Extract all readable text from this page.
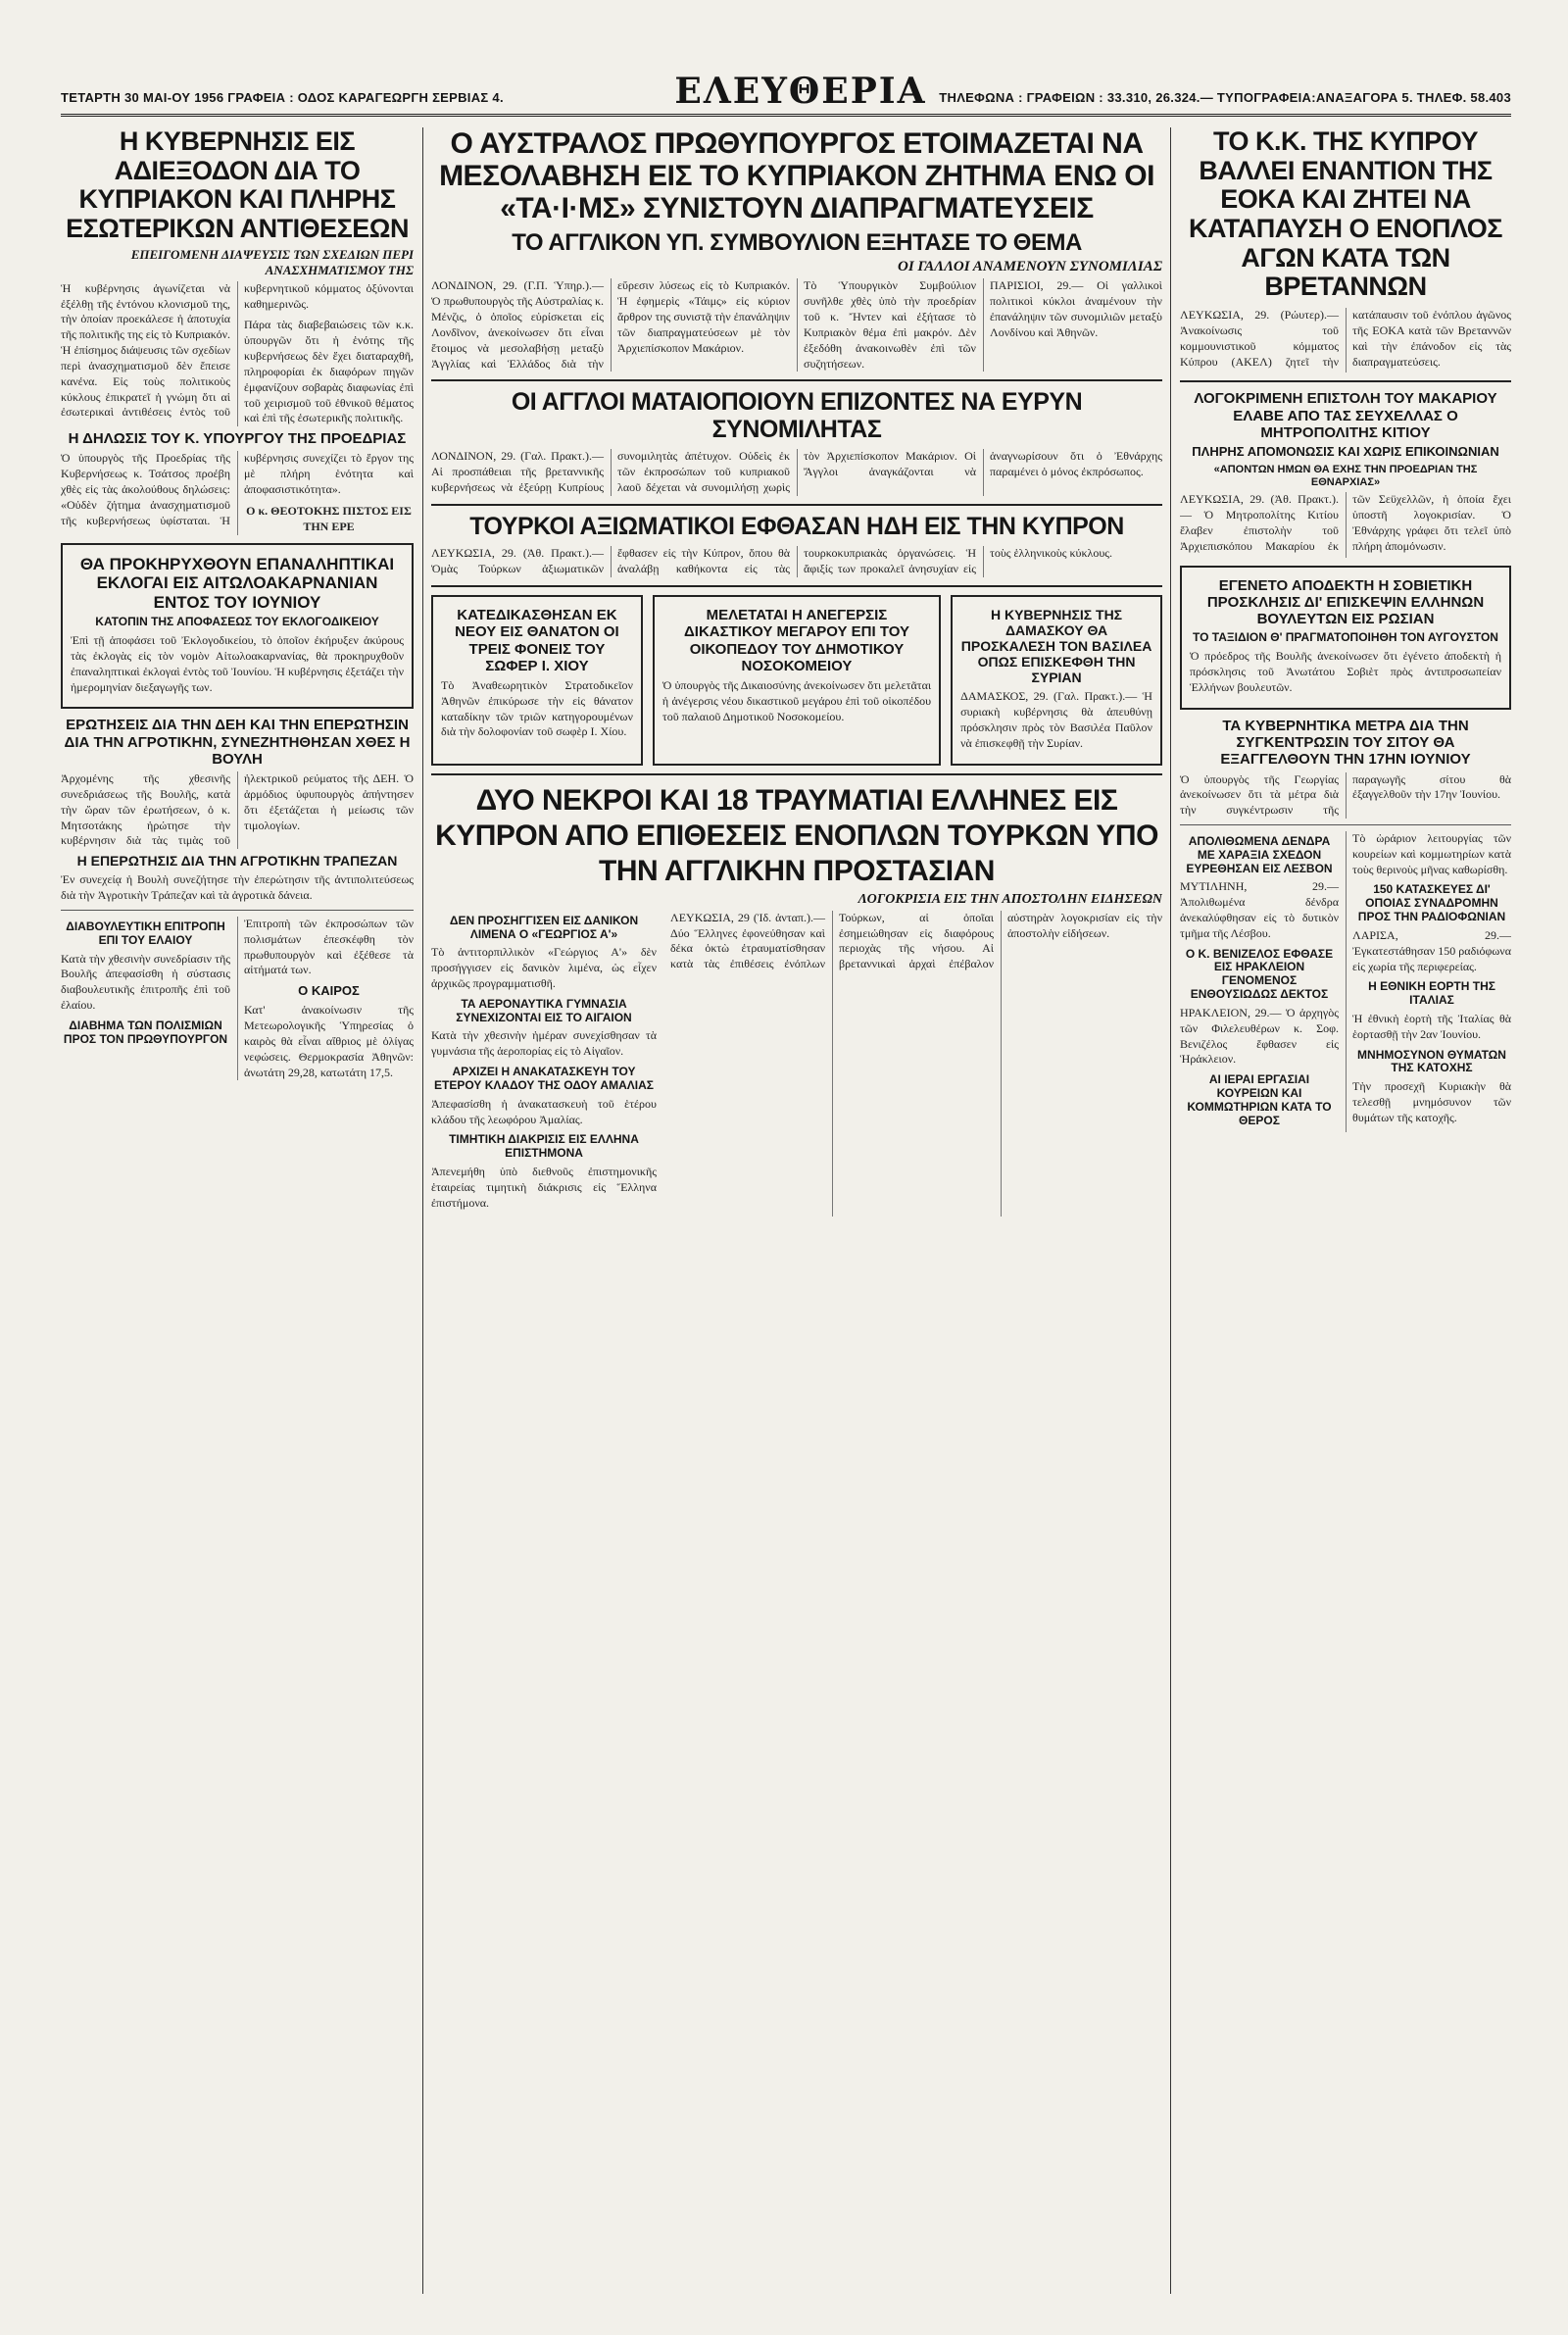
ΤΕΤΑΡΤΗ 30 ΜΑΙ-ΟΥ 1956 ΓΡΑΦΕΙΑ : ΟΔΟΣ ΚΑΡΑΓΕΩΡΓΗ ΣΕΡΒΙΑΣ 4.	ΕΛΕΥΘΕΡΙΑ ΤΗΛΕΦΩΝΑ : ΓΡΑΦΕΙΩΝ : 33.310, 26.324.— ΤΥΠΟΓΡΑΦΕΙΑ:ΑΝΑΞΑΓΟΡΑ 5. ΤΗΛΕΦ. 58.403
Η ΚΥΒΕΡΝΗΣΙΣ ΕΙΣ ΑΔΙΕΞΟΔΟΝ ΔΙΑ ΤΟ ΚΥΠΡΙΑΚΟΝ ΚΑΙ ΠΛΗΡΗΣ ΕΣΩΤΕΡΙΚΩΝ ΑΝΤΙΘΕΣΕΩΝ
ΕΠΕΙΓΟΜΕΝΗ ΔΙΑΨΕΥΣΙΣ ΤΩΝ ΣΧΕΔΙΩΝ ΠΕΡΙ ΑΝΑΣΧΗΜΑΤΙΣΜΟΥ ΤΗΣ

Ἡ κυβέρνησις ἀγωνίζεται νὰ ἐξέλθῃ τῆς ἐντόνου κλονισμοῦ της, τὴν ὁποίαν προεκάλεσε ἡ ἀποτυχία τῆς πολιτικῆς της εἰς τὸ Κυπριακόν. Ἡ ἐπίσημος διάψευσις τῶν σχεδίων περὶ ἀνασχηματισμοῦ δὲν ἔπεισε κανένα. Εἰς τοὺς πολιτικοὺς κύκλους ἐπικρατεῖ ἡ γνώμη ὅτι αἱ ἐσωτερικαὶ ἀντιθέσεις ἐντὸς τοῦ κυβερνητικοῦ κόμματος ὀξύνονται καθημερινῶς.

Πάρα τὰς διαβεβαιώσεις τῶν κ.κ. ὑπουργῶν ὅτι ἡ ἑνότης τῆς κυβερνήσεως δὲν ἔχει διαταραχθῆ, πληροφορίαι ἐκ διαφόρων πηγῶν ἐμφανίζουν σοβαρὰς διαφωνίας ἐπὶ τοῦ χειρισμοῦ τοῦ ἐθνικοῦ θέματος καὶ ἐπὶ τῆς ἐσωτερικῆς πολιτικῆς.

Η ΔΗΛΩΣΙΣ ΤΟΥ Κ. ΥΠΟΥΡΓΟΥ ΤΗΣ ΠΡΟΕΔΡΙΑΣ

Ὁ ὑπουργὸς τῆς Προεδρίας τῆς Κυβερνήσεως κ. Τσάτσος προέβη χθὲς εἰς τὰς ἀκολούθους δηλώσεις: «Οὐδὲν ζήτημα ἀνασχηματισμοῦ τῆς κυβερνήσεως ὑφίσταται. Ἡ κυβέρνησις συνεχίζει τὸ ἔργον της μὲ πλήρη ἑνότητα καὶ ἀποφασιστικότητα».

Ο κ. ΘΕΟΤΟΚΗΣ ΠΙΣΤΟΣ ΕΙΣ ΤΗΝ ΕΡΕ

ΘΑ ΠΡΟΚΗΡΥΧΘΟΥΝ ΕΠΑΝΑΛΗΠΤΙΚΑΙ ΕΚΛΟΓΑΙ ΕΙΣ ΑΙΤΩΛΟΑΚΑΡΝΑΝΙΑΝ ΕΝΤΟΣ ΤΟΥ ΙΟΥΝΙΟΥ
ΚΑΤΟΠΙΝ ΤΗΣ ΑΠΟΦΑΣΕΩΣ ΤΟΥ ΕΚΛΟΓΟΔΙΚΕΙΟΥ

Ἐπὶ τῇ ἀποφάσει τοῦ Ἐκλογοδικείου, τὸ ὁποῖον ἐκήρυξεν ἀκύρους τὰς ἐκλογὰς εἰς τὸν νομὸν Αἰτωλοακαρνανίας, θὰ προκηρυχθοῦν ἐπαναληπτικαὶ ἐκλογαὶ ἐντὸς τοῦ Ἰουνίου. Ἡ κυβέρνησις ἐξετάζει τὴν ἡμερομηνίαν διεξαγωγῆς των.

ΕΡΩΤΗΣΕΙΣ ΔΙΑ ΤΗΝ ΔΕΗ ΚΑΙ ΤΗΝ ΕΠΕΡΩΤΗΣΙΝ ΔΙΑ ΤΗΝ ΑΓΡΟΤΙΚΗΝ, ΣΥΝΕΖΗΤΗΘΗΣΑΝ ΧΘΕΣ Η ΒΟΥΛΗ

Ἀρχομένης τῆς χθεσινῆς συνεδριάσεως τῆς Βουλῆς, κατὰ τὴν ὥραν τῶν ἐρωτήσεων, ὁ κ. Μητσοτάκης ἠρώτησε τὴν κυβέρνησιν διὰ τὰς τιμὰς τοῦ ἠλεκτρικοῦ ρεύματος τῆς ΔΕΗ. Ὁ ἁρμόδιος ὑφυπουργὸς ἀπήντησεν ὅτι ἐξετάζεται ἡ μείωσις τῶν τιμολογίων.

Η ΕΠΕΡΩΤΗΣΙΣ ΔΙΑ ΤΗΝ ΑΓΡΟΤΙΚΗΝ ΤΡΑΠΕΖΑΝ

Ἐν συνεχείᾳ ἡ Βουλὴ συνεζήτησε τὴν ἐπερώτησιν τῆς ἀντιπολιτεύσεως διὰ τὴν Ἀγροτικὴν Τράπεζαν καὶ τὰ ἀγροτικὰ δάνεια.

ΔΙΑΒΟΥΛΕΥΤΙΚΗ ΕΠΙΤΡΟΠΗ ΕΠΙ ΤΟΥ ΕΛΑΙΟΥ

Κατὰ τὴν χθεσινὴν συνεδρίασιν τῆς Βουλῆς ἀπεφασίσθη ἡ σύστασις διαβουλευτικῆς ἐπιτροπῆς ἐπὶ τοῦ ἐλαίου.

ΔΙΑΒΗΜΑ ΤΩΝ ΠΟΛΙΣΜΙΩΝ ΠΡΟΣ ΤΟΝ ΠΡΩΘΥΠΟΥΡΓΟΝ

Ἐπιτροπὴ τῶν ἐκπροσώπων τῶν πολισμάτων ἐπεσκέφθη τὸν πρωθυπουργὸν καὶ ἐξέθεσε τὰ αἰτήματά των.

Ο ΚΑΙΡΟΣ

Κατ' ἀνακοίνωσιν τῆς Μετεωρολογικῆς Ὑπηρεσίας ὁ καιρὸς θὰ εἶναι αἴθριος μὲ ὀλίγας νεφώσεις. Θερμοκρασία Ἀθηνῶν: ἀνωτάτη 29,28, κατωτάτη 17,5.

Ο ΑΥΣΤΡΑΛΟΣ ΠΡΩΘΥΠΟΥΡΓΟΣ ΕΤΟΙΜΑΖΕΤΑΙ ΝΑ ΜΕΣΟΛΑΒΗΣΗ ΕΙΣ ΤΟ ΚΥΠΡΙΑΚΟΝ ΖΗΤΗΜΑ ΕΝΩ ΟΙ «ΤΑ·Ι·ΜΣ» ΣΥΝΙΣΤΟΥΝ ΔΙΑΠΡΑΓΜΑΤΕΥΣΕΙΣ
ΤΟ ΑΓΓΛΙΚΟΝ ΥΠ. ΣΥΜΒΟΥΛΙΟΝ ΕΞΗΤΑΣΕ ΤΟ ΘΕΜΑ
ΟΙ ΓΑΛΛΟΙ ΑΝΑΜΕΝΟΥΝ ΣΥΝΟΜΙΛΙΑΣ

ΛΟΝΔΙΝΟΝ, 29. (Γ.Π. Ὑπηρ.).— Ὁ πρωθυπουργὸς τῆς Αὐστραλίας κ. Μένζις, ὁ ὁποῖος εὑρίσκεται εἰς Λονδῖνον, ἀνεκοίνωσεν ὅτι εἶναι ἕτοιμος νὰ μεσολαβήσῃ μεταξὺ Ἀγγλίας καὶ Ἑλλάδος διὰ τὴν εὕρεσιν λύσεως εἰς τὸ Κυπριακόν. Ἡ ἐφημερὶς «Τάιμς» εἰς κύριον ἄρθρον της συνιστᾷ τὴν ἐπανάληψιν τῶν διαπραγματεύσεων μὲ τὸν Ἀρχιεπίσκοπον Μακάριον.

Τὸ Ὑπουργικὸν Συμβούλιον συνῆλθε χθὲς ὑπὸ τὴν προεδρίαν τοῦ κ. Ἤντεν καὶ ἐξήτασε τὸ Κυπριακὸν θέμα ἐπὶ μακρόν. Δὲν ἐξεδόθη ἀνακοινωθὲν ἐπὶ τῶν συζητήσεων.

ΠΑΡΙΣΙΟΙ, 29.— Οἱ γαλλικοὶ πολιτικοὶ κύκλοι ἀναμένουν τὴν ἐπανάληψιν τῶν συνομιλιῶν μεταξὺ Λονδίνου καὶ Ἀθηνῶν.

ΟΙ ΑΓΓΛΟΙ ΜΑΤΑΙΟΠΟΙΟΥΝ ΕΠΙΖΟΝΤΕΣ ΝΑ ΕΥΡΥΝ ΣΥΝΟΜΙΛΗΤΑΣ

ΛΟΝΔΙΝΟΝ, 29. (Γαλ. Πρακτ.).— Αἱ προσπάθειαι τῆς βρεταννικῆς κυβερνήσεως νὰ ἐξεύρῃ Κυπρίους συνομιλητὰς ἀπέτυχον. Οὐδεὶς ἐκ τῶν ἐκπροσώπων τοῦ κυπριακοῦ λαοῦ δέχεται νὰ συνομιλήσῃ χωρὶς τὸν Ἀρχιεπίσκοπον Μακάριον. Οἱ Ἄγγλοι ἀναγκάζονται νὰ ἀναγνωρίσουν ὅτι ὁ Ἐθνάρχης παραμένει ὁ μόνος ἐκπρόσωπος.

ΤΟΥΡΚΟΙ ΑΞΙΩΜΑΤΙΚΟΙ ΕΦΘΑΣΑΝ ΗΔΗ ΕΙΣ ΤΗΝ ΚΥΠΡΟΝ

ΛΕΥΚΩΣΙΑ, 29. (Ἀθ. Πρακτ.).— Ὁμὰς Τούρκων ἀξιωματικῶν ἔφθασεν εἰς τὴν Κύπρον, ὅπου θὰ ἀναλάβῃ καθήκοντα εἰς τὰς τουρκοκυπριακὰς ὀργανώσεις. Ἡ ἄφιξίς των προκαλεῖ ἀνησυχίαν εἰς τοὺς ἑλληνικοὺς κύκλους.

ΚΑΤΕΔΙΚΑΣΘΗΣΑΝ ΕΚ ΝΕΟΥ ΕΙΣ ΘΑΝΑΤΟΝ ΟΙ ΤΡΕΙΣ ΦΟΝΕΙΣ ΤΟΥ ΣΩΦΕΡ Ι. ΧΙΟΥ

Τὸ Ἀναθεωρητικὸν Στρατοδικεῖον Ἀθηνῶν ἐπικύρωσε τὴν εἰς θάνατον καταδίκην τῶν τριῶν κατηγορουμένων διὰ τὴν δολοφονίαν τοῦ σωφὲρ Ι. Χίου.

ΜΕΛΕΤΑΤΑΙ Η ΑΝΕΓΕΡΣΙΣ ΔΙΚΑΣΤΙΚΟΥ ΜΕΓΑΡΟΥ ΕΠΙ ΤΟΥ ΟΙΚΟΠΕΔΟΥ ΤΟΥ ΔΗΜΟΤΙΚΟΥ ΝΟΣΟΚΟΜΕΙΟΥ

Ὁ ὑπουργὸς τῆς Δικαιοσύνης ἀνεκοίνωσεν ὅτι μελετᾶται ἡ ἀνέγερσις νέου δικαστικοῦ μεγάρου ἐπὶ τοῦ οἰκοπέδου τοῦ παλαιοῦ Δημοτικοῦ Νοσοκομείου.

Η ΚΥΒΕΡΝΗΣΙΣ ΤΗΣ ΔΑΜΑΣΚΟΥ ΘΑ ΠΡΟΣΚΑΛΕΣΗ ΤΟΝ ΒΑΣΙΛΕΑ ΟΠΩΣ ΕΠΙΣΚΕΦΘΗ ΤΗΝ ΣΥΡΙΑΝ

ΔΑΜΑΣΚΟΣ, 29. (Γαλ. Πρακτ.).— Ἡ συριακὴ κυβέρνησις θὰ ἀπευθύνῃ πρόσκλησιν πρὸς τὸν Βασιλέα Παῦλον νὰ ἐπισκεφθῇ τὴν Συρίαν.

ΔΥΟ ΝΕΚΡΟΙ ΚΑΙ 18 ΤΡΑΥΜΑΤΙΑΙ ΕΛΛΗΝΕΣ ΕΙΣ ΚΥΠΡΟΝ ΑΠΟ ΕΠΙΘΕΣΕΙΣ ΕΝΟΠΛΩΝ ΤΟΥΡΚΩΝ ΥΠΟ ΤΗΝ ΑΓΓΛΙΚΗΝ ΠΡΟΣΤΑΣΙΑΝ
ΛΟΓΟΚΡΙΣΙΑ ΕΙΣ ΤΗΝ ΑΠΟΣΤΟΛΗΝ ΕΙΔΗΣΕΩΝ
ΔΕΝ ΠΡΟΣΗΓΓΙΣΕΝ ΕΙΣ ΔΑΝΙΚΟΝ ΛΙΜΕΝΑ Ο «ΓΕΩΡΓΙΟΣ Α'»

Τὸ ἀντιτορπιλλικὸν «Γεώργιος Α'» δὲν προσήγγισεν εἰς δανικὸν λιμένα, ὡς εἶχεν ἀρχικῶς προγραμματισθῆ.

ΤΑ ΑΕΡΟΝΑΥΤΙΚΑ ΓΥΜΝΑΣΙΑ ΣΥΝΕΧΙΖΟΝΤΑΙ ΕΙΣ ΤΟ ΑΙΓΑΙΟΝ

Κατὰ τὴν χθεσινὴν ἡμέραν συνεχίσθησαν τὰ γυμνάσια τῆς ἀεροπορίας εἰς τὸ Αἰγαῖον.

ΑΡΧΙΖΕΙ Η ΑΝΑΚΑΤΑΣΚΕΥΗ ΤΟΥ ΕΤΕΡΟΥ ΚΛΑΔΟΥ ΤΗΣ ΟΔΟΥ ΑΜΑΛΙΑΣ

Ἀπεφασίσθη ἡ ἀνακατασκευὴ τοῦ ἑτέρου κλάδου τῆς λεωφόρου Ἀμαλίας.

ΤΙΜΗΤΙΚΗ ΔΙΑΚΡΙΣΙΣ ΕΙΣ ΕΛΛΗΝΑ ΕΠΙΣΤΗΜΟΝΑ

Ἀπενεμήθη ὑπὸ διεθνοῦς ἐπιστημονικῆς ἑταιρείας τιμητικὴ διάκρισις εἰς Ἕλληνα ἐπιστήμονα.

ΛΕΥΚΩΣΙΑ, 29 (Ἰδ. ἀνταπ.).— Δύο Ἕλληνες ἐφονεύθησαν καὶ δέκα ὀκτὼ ἐτραυματίσθησαν κατὰ τὰς ἐπιθέσεις ἐνόπλων Τούρκων, αἱ ὁποῖαι ἐσημειώθησαν εἰς διαφόρους περιοχὰς τῆς νήσου. Αἱ βρεταννικαὶ ἀρχαὶ ἐπέβαλον αὐστηρὰν λογοκρισίαν εἰς τὴν ἀποστολὴν εἰδήσεων.

ΤΟ Κ.Κ. ΤΗΣ ΚΥΠΡΟΥ ΒΑΛΛΕΙ ΕΝΑΝΤΙΟΝ ΤΗΣ ΕΟΚΑ ΚΑΙ ΖΗΤΕΙ ΝΑ ΚΑΤΑΠΑΥΣΗ Ο ΕΝΟΠΛΟΣ ΑΓΩΝ ΚΑΤΑ ΤΩΝ ΒΡΕΤΑΝΝΩΝ

ΛΕΥΚΩΣΙΑ, 29. (Ρώυτερ).— Ἀνακοίνωσις τοῦ κομμουνιστικοῦ κόμματος Κύπρου (ΑΚΕΛ) ζητεῖ τὴν κατάπαυσιν τοῦ ἐνόπλου ἀγῶνος τῆς ΕΟΚΑ κατὰ τῶν Βρεταννῶν καὶ τὴν ἐπάνοδον εἰς τὰς διαπραγματεύσεις.

ΛΟΓΟΚΡΙΜΕΝΗ ΕΠΙΣΤΟΛΗ ΤΟΥ ΜΑΚΑΡΙΟΥ ΕΛΑΒΕ ΑΠΟ ΤΑΣ ΣΕΥΧΕΛΛΑΣ Ο ΜΗΤΡΟΠΟΛΙΤΗΣ ΚΙΤΙΟΥ
ΠΛΗΡΗΣ ΑΠΟΜΟΝΩΣΙΣ ΚΑΙ ΧΩΡΙΣ ΕΠΙΚΟΙΝΩΝΙΑΝ
«ΑΠΟΝΤΩΝ ΗΜΩΝ ΘΑ ΕΧΗΣ ΤΗΝ ΠΡΟΕΔΡΙΑΝ ΤΗΣ ΕΘΝΑΡΧΙΑΣ»

ΛΕΥΚΩΣΙΑ, 29. (Ἀθ. Πρακτ.).— Ὁ Μητροπολίτης Κιτίου ἔλαβεν ἐπιστολὴν τοῦ Ἀρχιεπισκόπου Μακαρίου ἐκ τῶν Σεϋχελλῶν, ἡ ὁποία ἔχει ὑποστῆ λογοκρισίαν. Ὁ Ἐθνάρχης γράφει ὅτι τελεῖ ὑπὸ πλήρη ἀπομόνωσιν.

ΕΓΕΝΕΤΟ ΑΠΟΔΕΚΤΗ Η ΣΟΒΙΕΤΙΚΗ ΠΡΟΣΚΛΗΣΙΣ ΔΙ' ΕΠΙΣΚΕΨΙΝ ΕΛΛΗΝΩΝ ΒΟΥΛΕΥΤΩΝ ΕΙΣ ΡΩΣΙΑΝ
ΤΟ ΤΑΞΙΔΙΟΝ Θ' ΠΡΑΓΜΑΤΟΠΟΙΗΘΗ ΤΟΝ ΑΥΓΟΥΣΤΟΝ

Ὁ πρόεδρος τῆς Βουλῆς ἀνεκοίνωσεν ὅτι ἐγένετο ἀποδεκτὴ ἡ πρόσκλησις τοῦ Ἀνωτάτου Σοβιὲτ πρὸς ἀντιπροσωπείαν Ἑλλήνων βουλευτῶν.

ΤΑ ΚΥΒΕΡΝΗΤΙΚΑ ΜΕΤΡΑ ΔΙΑ ΤΗΝ ΣΥΓΚΕΝΤΡΩΣΙΝ ΤΟΥ ΣΙΤΟΥ ΘΑ ΕΞΑΓΓΕΛΘΟΥΝ ΤΗΝ 17ΗΝ ΙΟΥΝΙΟΥ

Ὁ ὑπουργὸς τῆς Γεωργίας ἀνεκοίνωσεν ὅτι τὰ μέτρα διὰ τὴν συγκέντρωσιν τῆς παραγωγῆς σίτου θὰ ἐξαγγελθοῦν τὴν 17ην Ἰουνίου.

ΑΠΟΛΙΘΩΜΕΝΑ ΔΕΝΔΡΑ ΜΕ ΧΑΡΑΞΙΑ ΣΧΕΔΟΝ ΕΥΡΕΘΗΣΑΝ ΕΙΣ ΛΕΣΒΟΝ

ΜΥΤΙΛΗΝΗ, 29.— Ἀπολιθωμένα δένδρα ἀνεκαλύφθησαν εἰς τὸ δυτικὸν τμῆμα τῆς Λέσβου.

Ο Κ. ΒΕΝΙΖΕΛΟΣ ΕΦΘΑΣΕ ΕΙΣ ΗΡΑΚΛΕΙΟΝ ΓΕΝΟΜΕΝΟΣ ΕΝΘΟΥΣΙΩΔΩΣ ΔΕΚΤΟΣ

ΗΡΑΚΛΕΙΟΝ, 29.— Ὁ ἀρχηγὸς τῶν Φιλελευθέρων κ. Σοφ. Βενιζέλος ἔφθασεν εἰς Ἡράκλειον.

ΑΙ ΙΕΡΑΙ ΕΡΓΑΣΙΑΙ ΚΟΥΡΕΙΩΝ ΚΑΙ ΚΟΜΜΩΤΗΡΙΩΝ ΚΑΤΑ ΤΟ ΘΕΡΟΣ

Τὸ ὡράριον λειτουργίας τῶν κουρείων καὶ κομμωτηρίων κατὰ τοὺς θερινοὺς μῆνας καθωρίσθη.

150 ΚΑΤΑΣΚΕΥΕΣ ΔΙ' ΟΠΟΙΑΣ ΣΥΝΑΔΡΟΜΗΝ ΠΡΟΣ ΤΗΝ ΡΑΔΙΟΦΩΝΙΑΝ

ΛΑΡΙΣΑ, 29.— Ἐγκατεστάθησαν 150 ραδιόφωνα εἰς χωρία τῆς περιφερείας.

Η ΕΘΝΙΚΗ ΕΟΡΤΗ ΤΗΣ ΙΤΑΛΙΑΣ

Ἡ ἐθνικὴ ἑορτὴ τῆς Ἰταλίας θὰ ἑορτασθῇ τὴν 2αν Ἰουνίου.

ΜΝΗΜΟΣΥΝΟΝ ΘΥΜΑΤΩΝ ΤΗΣ ΚΑΤΟΧΗΣ

Τὴν προσεχῆ Κυριακὴν θὰ τελεσθῇ μνημόσυνον τῶν θυμάτων τῆς κατοχῆς.
